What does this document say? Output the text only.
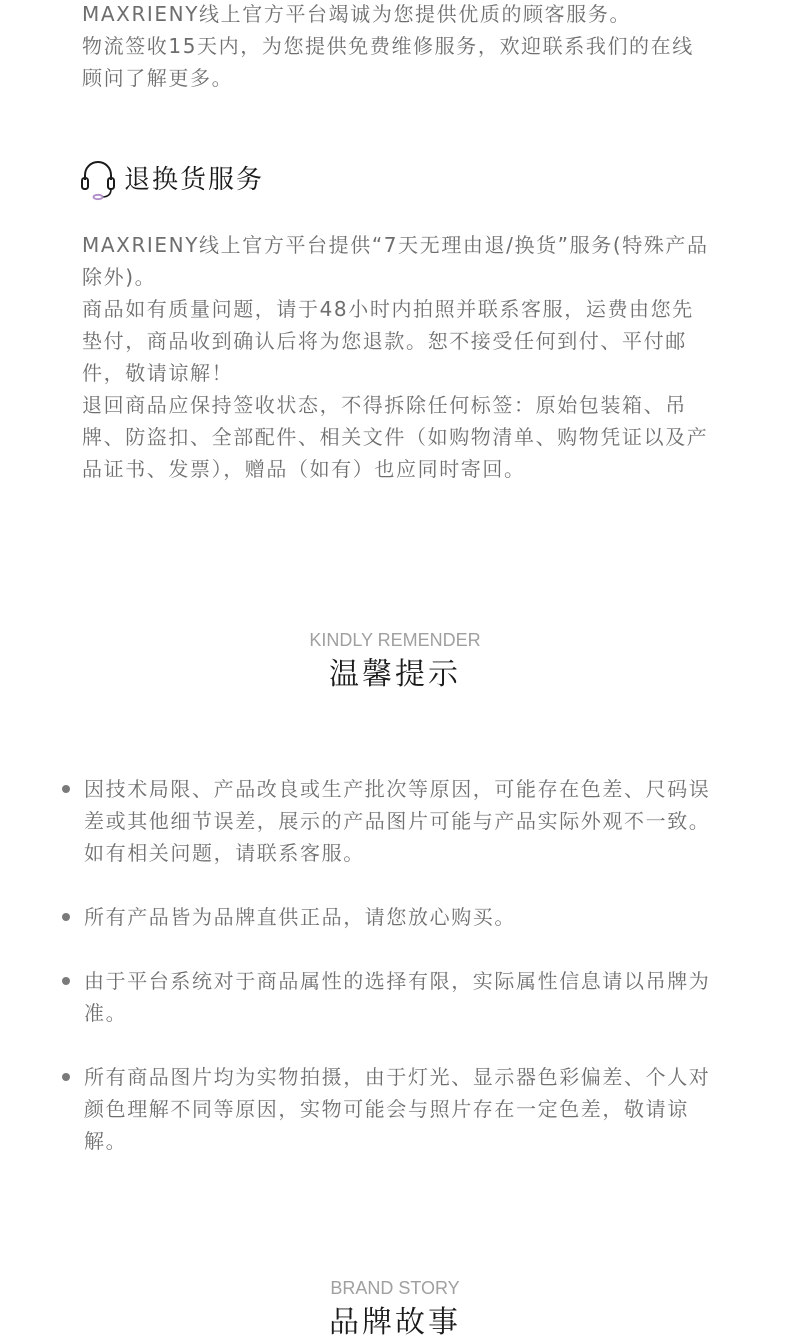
MAXRIENY线上官方平台竭诚为您提供优质的顾客服务。

物流签收15天内，为您提供免费维修服务，欢迎联系我们的在线顾问了解更多。

退换货服务

MAXRIENY线上官方平台提供“7天无理由退/换货”服务(特殊产品除外)。

商品如有质量问题，请于48小时内拍照并联系客服，运费由您先垫付，商品收到确认后将为您退款。恕不接受任何到付、平付邮件，敬请谅解！

退回商品应保持签收状态，不得拆除任何标签：原始包装箱、吊牌、防盗扣、全部配件、相关文件（如购物清单、购物凭证以及产品证书、发票），赠品（如有）也应同时寄回。

KINDLY REMENDER
温馨提示
因技术局限、产品改良或生产批次等原因，可能存在色差、尺码误差或其他细节误差，展示的产品图片可能与产品实际外观不一致。如有相关问题，请联系客服。
所有产品皆为品牌直供正品，请您放心购买。
由于平台系统对于商品属性的选择有限，实际属性信息请以吊牌为准。
所有商品图片均为实物拍摄，由于灯光、显示器色彩偏差、个人对颜色理解不同等原因，实物可能会与照片存在一定色差，敬请谅解。
BRAND STORY
品牌故事
